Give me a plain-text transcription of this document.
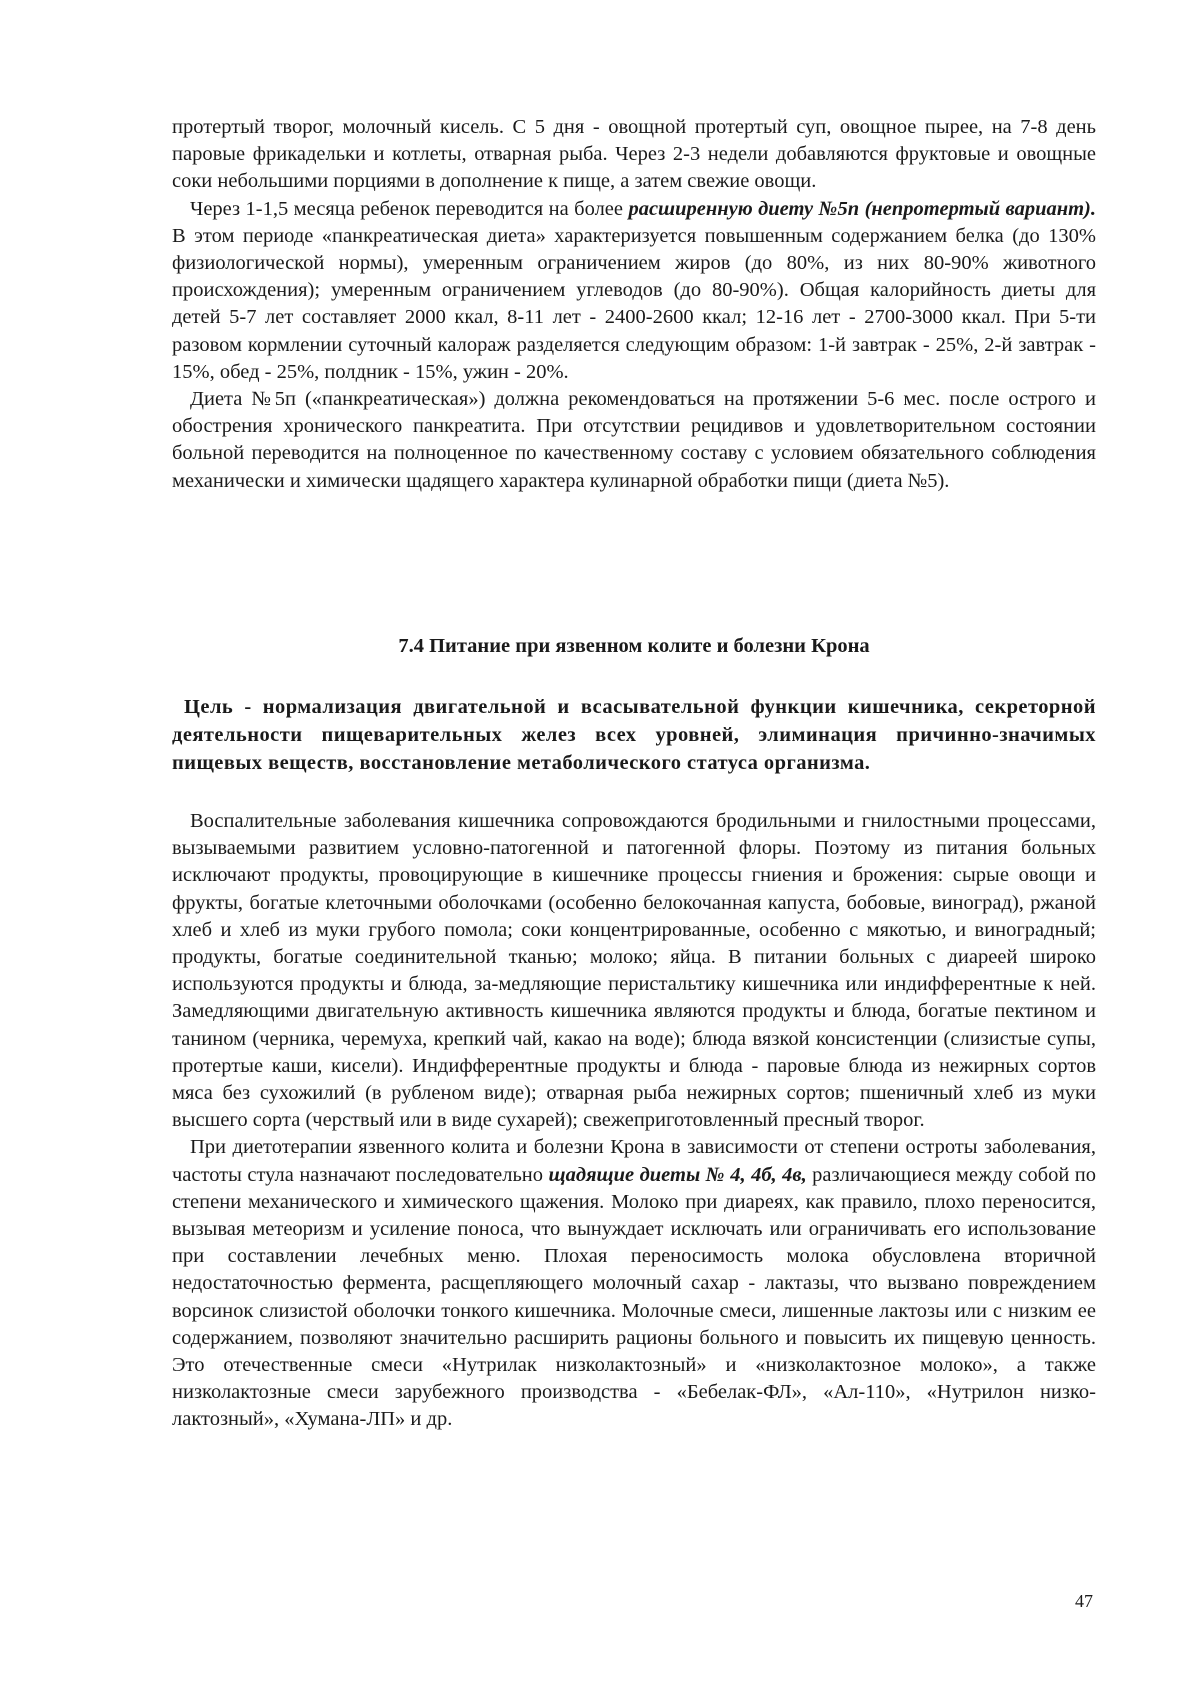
протертый творог, молочный кисель. С 5 дня - овощной протертый суп, овощное пырее, на 7-8 день паровые фрикадельки и котлеты, отварная рыба. Через 2-3 недели добавляются фруктовые и овощные соки небольшими порциями в дополнение к пище, а затем свежие овощи.

Через 1-1,5 месяца ребенок переводится на более расширенную диету №5п (непротертый вариант). В этом периоде «панкреатическая диета» характеризуется повышенным содержанием белка (до 130% физиологической нормы), умеренным ограничением жиров (до 80%, из них 80-90% животного происхождения); умеренным ограничением углеводов (до 80-90%). Общая калорийность диеты для детей 5-7 лет составляет 2000 ккал, 8-11 лет - 2400-2600 ккал; 12-16 лет - 2700-3000 ккал. При 5-ти разовом кормлении суточный калораж разделяется следующим образом: 1-й завтрак - 25%, 2-й завтрак - 15%, обед - 25%, полдник - 15%, ужин - 20%.

Диета №5п («панкреатическая») должна рекомендоваться на протяжении 5-6 мес. после острого и обострения хронического панкреатита. При отсутствии рецидивов и удовлетворительном состоянии больной переводится на полноценное по качественному составу с условием обязательного соблюдения механически и химически щадящего характера кулинарной обработки пищи (диета №5).

7.4 Питание при язвенном колите и болезни Крона

Цель - нормализация двигательной и всасывательной функции кишечника, секреторной деятельности пищеварительных желез всех уровней, элиминация причинно-значимых пищевых веществ, восстановление метаболического статуса организма.

Воспалительные заболевания кишечника сопровождаются бродильными и гнилостными процессами, вызываемыми развитием условно-патогенной и патогенной флоры. Поэтому из питания больных исключают продукты, провоцирующие в кишечнике процессы гниения и брожения: сырые овощи и фрукты, богатые клеточными оболочками (особенно белокочанная капуста, бобовые, виноград), ржаной хлеб и хлеб из муки грубого помола; соки концентрированные, особенно с мякотью, и виноградный; продукты, богатые соединительной тканью; молоко; яйца. В питании больных с диареей широко используются продукты и блюда, за-медляющие перистальтику кишечника или индифферентные к ней. Замедляющими двигательную активность кишечника являются продукты и блюда, богатые пектином и танином (черника, черемуха, крепкий чай, какао на воде); блюда вязкой консистенции (слизистые супы, протертые каши, кисели). Индифферентные продукты и блюда - паровые блюда из нежирных сортов мяса без сухожилий (в рубленом виде); отварная рыба нежирных сортов; пшеничный хлеб из муки высшего сорта (черствый или в виде сухарей); свежеприготовленный пресный творог.

При диетотерапии язвенного колита и болезни Крона в зависимости от степени остроты заболевания, частоты стула назначают последовательно щадящие диеты № 4, 4б, 4в, различающиеся между собой по степени механического и химического щажения. Молоко при диареях, как правило, плохо переносится, вызывая метеоризм и усиление поноса, что вынуждает исключать или ограничивать его использование при составлении лечебных меню. Плохая переносимость молока обусловлена вторичной недостаточностью фермента, расщепляющего молочный сахар - лактазы, что вызвано повреждением ворсинок слизистой оболочки тонкого кишечника. Молочные смеси, лишенные лактозы или с низким ее содержанием, позволяют значительно расширить рационы больного и повысить их пищевую ценность. Это отечественные смеси «Нутрилак низколактозный» и «низколактозное молоко», а также низколактозные смеси зарубежного производства - «Бебелак-ФЛ», «Ал-110», «Нутрилон низко-лактозный», «Хумана-ЛП» и др.

47
